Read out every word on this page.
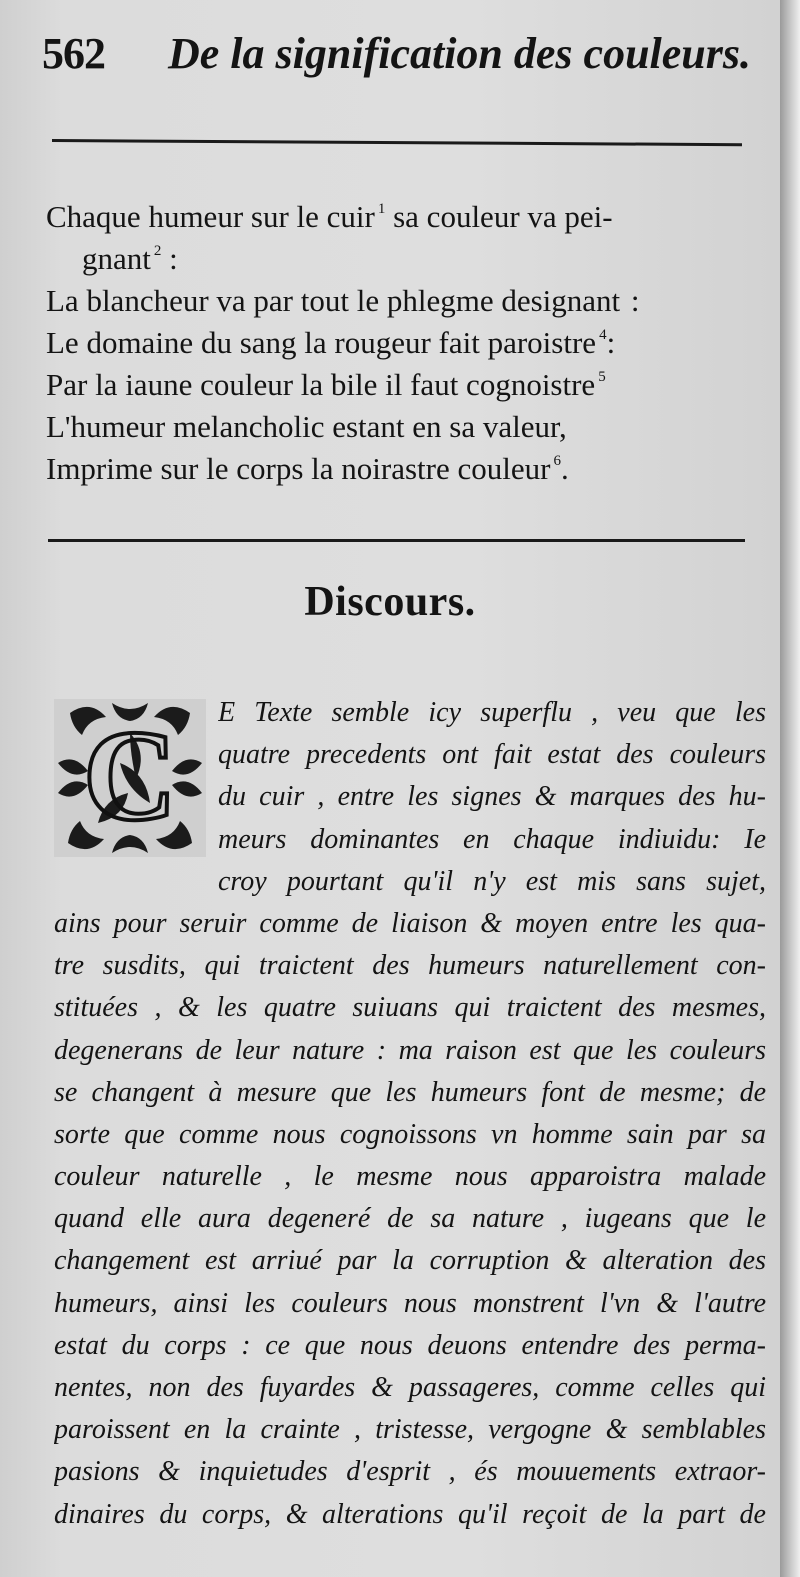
562 De la signification des couleurs.
Chaque humeur sur le cuir $^1$ sa couleur va pei-
gnant $^2$ :
La blancheur va par tout le phlegme designant :
Le domaine du sang la rougeur fait paroistre $^4$:
Par la iaune couleur la bile il faut cognoistre $^5$
L'humeur melancholic estant en sa valeur,
Imprime sur le corps la noirastre couleur $^6$.
Discours.
C E Texte semble icy superflu , veu que les
quatre precedents ont fait estat des couleurs
du cuir , entre les signes & marques des hu-
meurs dominantes en chaque indiuidu: Ie
croy pourtant qu'il n'y est mis sans sujet,
ains pour seruir comme de liaison & moyen entre les qua-
tre susdits, qui traictent des humeurs naturellement con-
stituées , & les quatre suiuans qui traictent des mesmes,
degenerans de leur nature : ma raison est que les couleurs
se changent à mesure que les humeurs font de mesme; de
sorte que comme nous cognoissons vn homme sain par sa
couleur naturelle , le mesme nous apparoistra malade
quand elle aura degeneré de sa nature , iugeans que le
changement est arriué par la corruption & alteration des
humeurs, ainsi les couleurs nous monstrent l'vn & l'autre
estat du corps : ce que nous deuons entendre des perma-
nentes, non des fuyardes & passageres, comme celles qui
paroissent en la crainte , tristesse, vergogne & semblables
pasions & inquietudes d'esprit , és mouuements extraor-
dinaires du corps, & alterations qu'il reçoit de la part de
